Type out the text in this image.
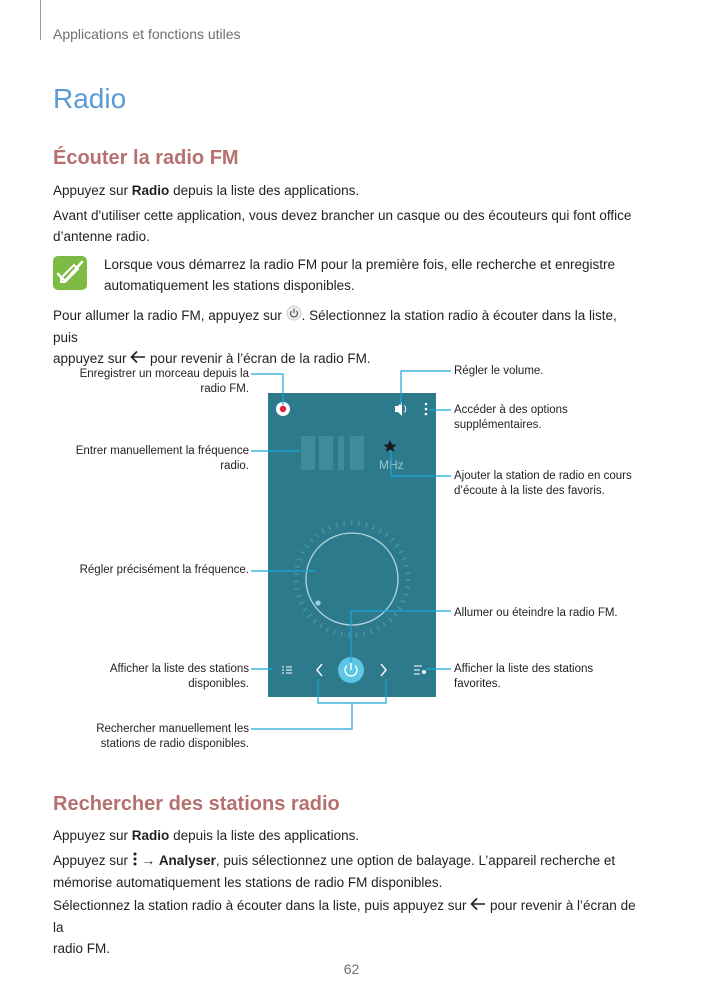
Applications et fonctions utiles
Radio
Écouter la radio FM
Appuyez sur Radio depuis la liste des applications.
Avant d'utiliser cette application, vous devez brancher un casque ou des écouteurs qui font office
d’antenne radio.
Lorsque vous démarrez la radio FM pour la première fois, elle recherche et enregistre
automatiquement les stations disponibles.
Pour allumer la radio FM, appuyez sur . Sélectionnez la station radio à écouter dans la liste, puis
appuyez sur  pour revenir à l’écran de la radio FM.
MHz
Enregistrer un morceau depuis la
radio FM.
Entrer manuellement la fréquence
radio.
Régler précisément la fréquence.
Afficher la liste des stations
disponibles.
Rechercher manuellement les
stations de radio disponibles.
Régler le volume.
Accéder à des options
supplémentaires.
Ajouter la station de radio en cours
d’écoute à la liste des favoris.
Allumer ou éteindre la radio FM.
Afficher la liste des stations
favorites.
Rechercher des stations radio
Appuyez sur Radio depuis la liste des applications.
Appuyez sur  → Analyser, puis sélectionnez une option de balayage. L’appareil recherche et
mémorise automatiquement les stations de radio FM disponibles.
Sélectionnez la station radio à écouter dans la liste, puis appuyez sur  pour revenir à l’écran de la
radio FM.
62
